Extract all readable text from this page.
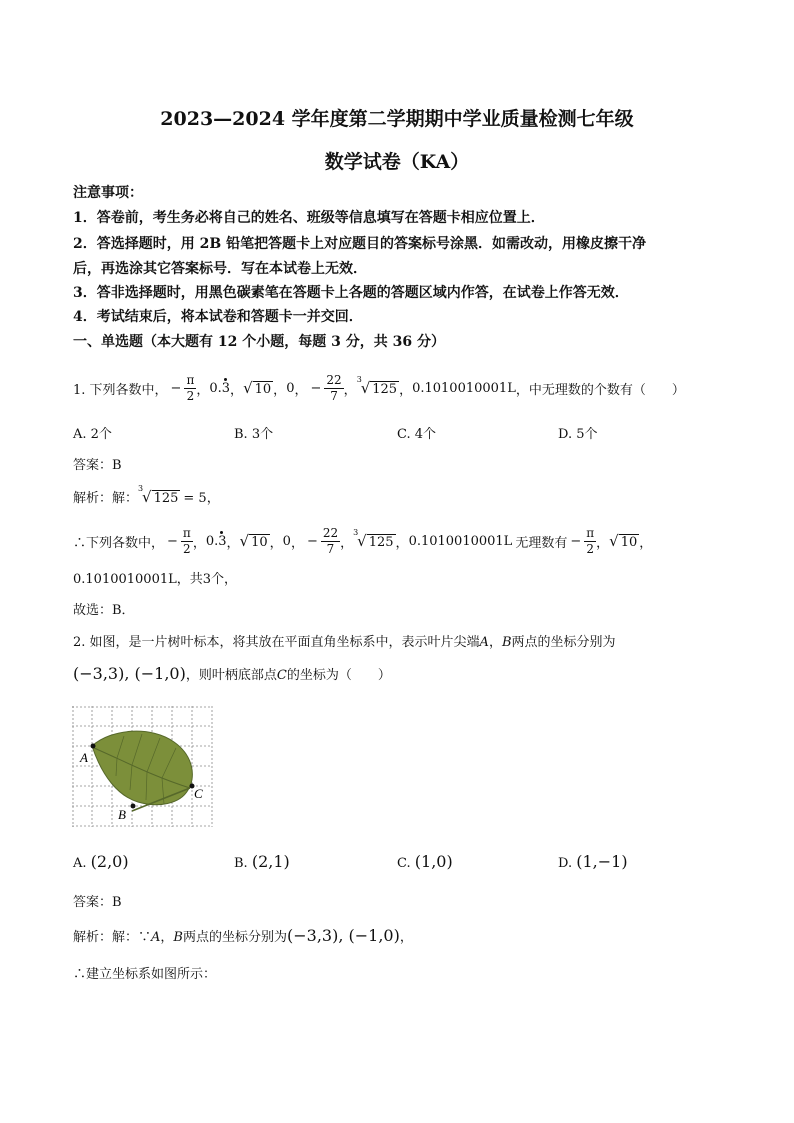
2023—2024 学年度第二学期期中学业质量检测七年级
数学试卷（KA）
注意事项：
1．答卷前，考生务必将自己的姓名、班级等信息填写在答题卡相应位置上．
2．答选择题时，用 2B 铅笔把答题卡上对应题目的答案标号涂黑．如需改动，用橡皮擦干净
后，再选涂其它答案标号．写在本试卷上无效．
3．答非选择题时，用黑色碳素笔在答题卡上各题的答题区域内作答，在试卷上作答无效．
4．考试结束后，将本试卷和答题卡一并交回．
一、单选题（本大题有 12 个小题，每题 3 分，共 36 分）
1. 下列各数中， − $\frac{\pi}{2}$ ， 0.3 ， √ 10 ， 0 ， − $\frac{22}{7}$ ，
3
√ 125 ， 0.1010010001L ，中无理数的个数有（　　）
A. 2个	B. 3个	C. 4个	D. 5个
答案：B
解析：解：
3
√ 125 = 5，
∴下列各数中， − $\frac{\pi}{2}$ ， 0.3 ， √ 10 ， 0 ， − $\frac{22}{7}$ ，
3
√ 125 ， 0.1010010001L 无理数有 − $\frac{\pi}{2}$ ， √ 10 ，
0.1010010001L，共3个，
故选：B．
2. 如图，是一片树叶标本，将其放在平面直角坐标系中，表示叶片尖端A，B两点的坐标分别为
(−3,3), (−1,0)，则叶柄底部点C的坐标为（　　）
A
B
C
A. (2,0)	B. (2,1)	C. (1,0)	D. (1,−1)
答案：B
解析：解：∵A，B两点的坐标分别为(−3,3), (−1,0)，
∴建立坐标系如图所示：
